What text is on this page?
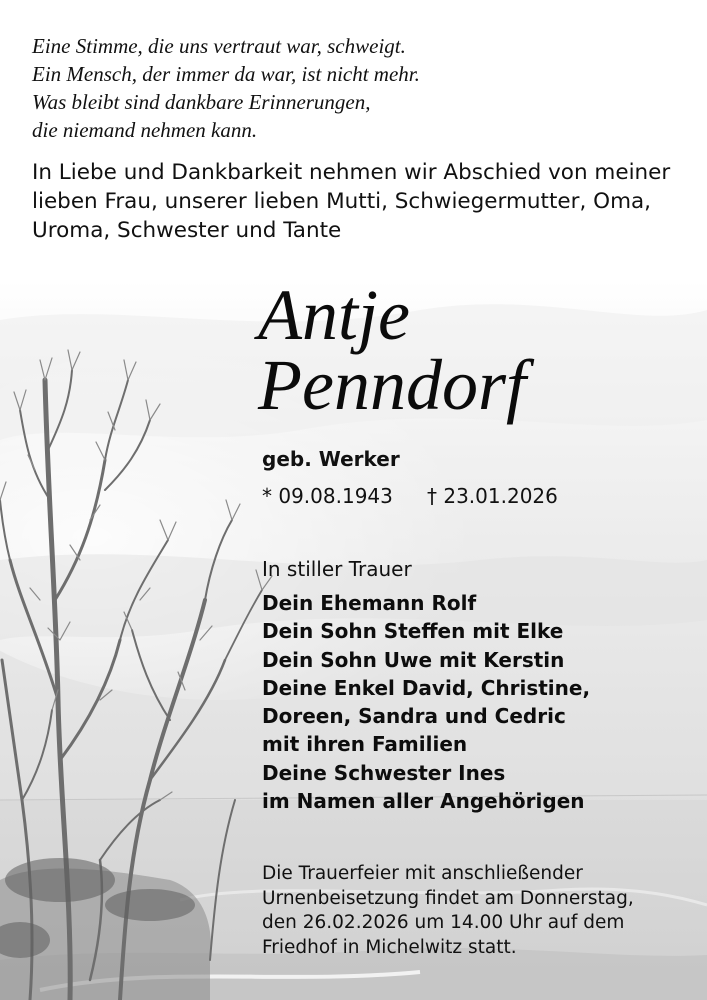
Eine Stimme, die uns vertraut war, schweigt.
Ein Mensch, der immer da war, ist nicht mehr.
Was bleibt sind dankbare Erinnerungen,
die niemand nehmen kann.
In Liebe und Dankbarkeit nehmen wir Abschied von meiner
lieben Frau, unserer lieben Mutti, Schwiegermutter, Oma,
Uroma, Schwester und Tante
Antje
Penndorf
geb. Werker
* 09.08.1943 † 23.01.2026
In stiller Trauer
Dein Ehemann Rolf
Dein Sohn Steffen mit Elke
Dein Sohn Uwe mit Kerstin
Deine Enkel David, Christine,
Doreen, Sandra und Cedric
mit ihren Familien
Deine Schwester Ines
im Namen aller Angehörigen
Die Trauerfeier mit anschließender
Urnenbeisetzung findet am Donnerstag,
den 26.02.2026 um 14.00 Uhr auf dem
Friedhof in Michelwitz statt.
